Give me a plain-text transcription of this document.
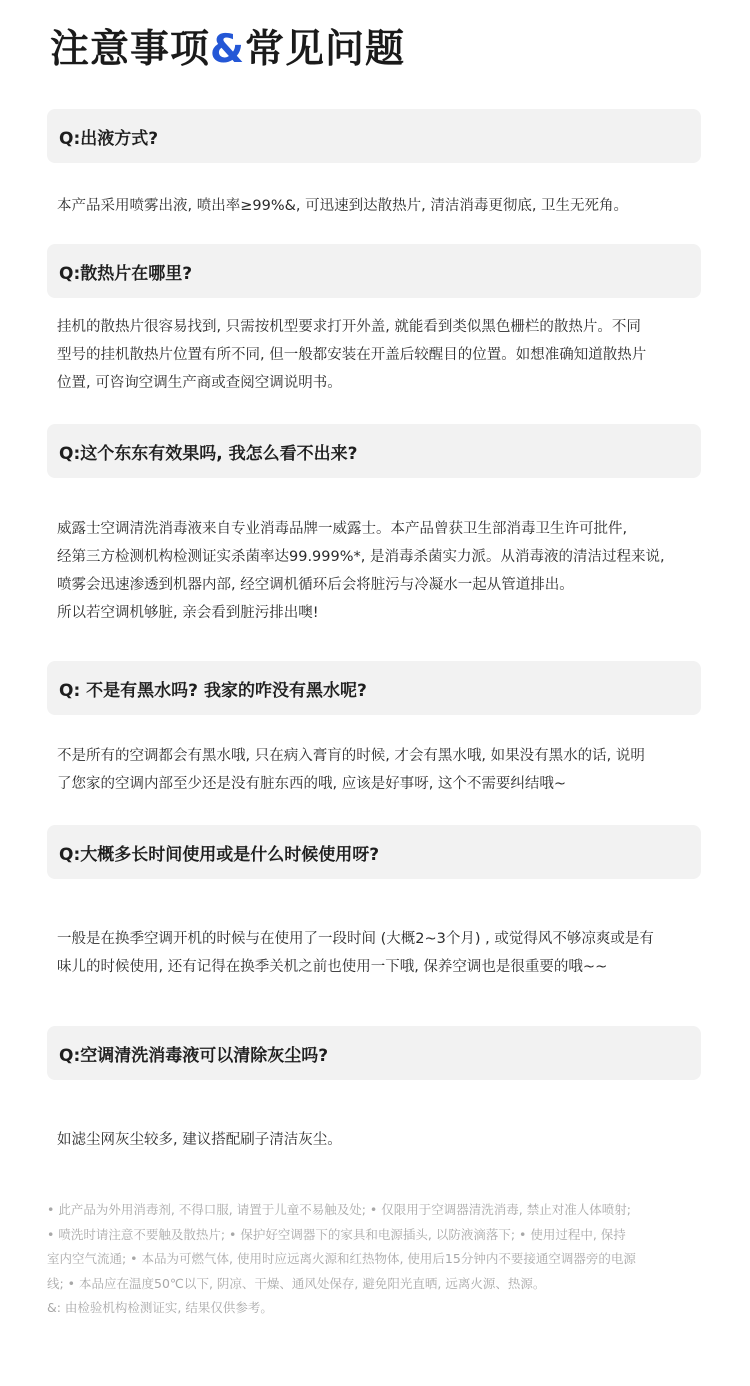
注意事项&常见问题
Q:出液方式?
本产品采用喷雾出液, 喷出率≥99%&, 可迅速到达散热片, 清洁消毒更彻底, 卫生无死角。
Q:散热片在哪里?
挂机的散热片很容易找到, 只需按机型要求打开外盖, 就能看到类似黑色栅栏的散热片。不同
型号的挂机散热片位置有所不同, 但一般都安装在开盖后较醒目的位置。如想准确知道散热片
位置, 可咨询空调生产商或查阅空调说明书。
Q:这个东东有效果吗, 我怎么看不出来?
威露士空调清洗消毒液来自专业消毒品牌一威露士。本产品曾获卫生部消毒卫生许可批件,
经第三方检测机构检测证实杀菌率达99.999%*, 是消毒杀菌实力派。从消毒液的清洁过程来说,
喷雾会迅速渗透到机器内部, 经空调机循环后会将脏污与冷凝水一起从管道排出。
所以若空调机够脏, 亲会看到脏污排出噢!
Q: 不是有黑水吗? 我家的咋没有黑水呢?
不是所有的空调都会有黑水哦, 只在病入膏肓的时候, 才会有黑水哦, 如果没有黑水的话, 说明
了您家的空调内部至少还是没有脏东西的哦, 应该是好事呀, 这个不需要纠结哦~
Q:大概多长时间使用或是什么时候使用呀?
一般是在换季空调开机的时候与在使用了一段时间 (大概2~3个月) , 或觉得风不够凉爽或是有
味儿的时候使用, 还有记得在换季关机之前也使用一下哦, 保养空调也是很重要的哦~~
Q:空调清洗消毒液可以清除灰尘吗?
如滤尘网灰尘较多, 建议搭配刷子清洁灰尘。
• 此产品为外用消毒剂, 不得口服, 请置于儿童不易触及处; • 仅限用于空调器清洗消毒, 禁止对准人体喷射;
• 喷洗时请注意不要触及散热片; • 保护好空调器下的家具和电源插头, 以防液滴落下; • 使用过程中, 保持
室内空气流通; • 本品为可燃气体, 使用时应远离火源和红热物体, 使用后15分钟内不要接通空调器旁的电源
线; • 本品应在温度50℃以下, 阴凉、干燥、通风处保存, 避免阳光直晒, 远离火源、热源。
&: 由检验机构检测证实, 结果仅供参考。
